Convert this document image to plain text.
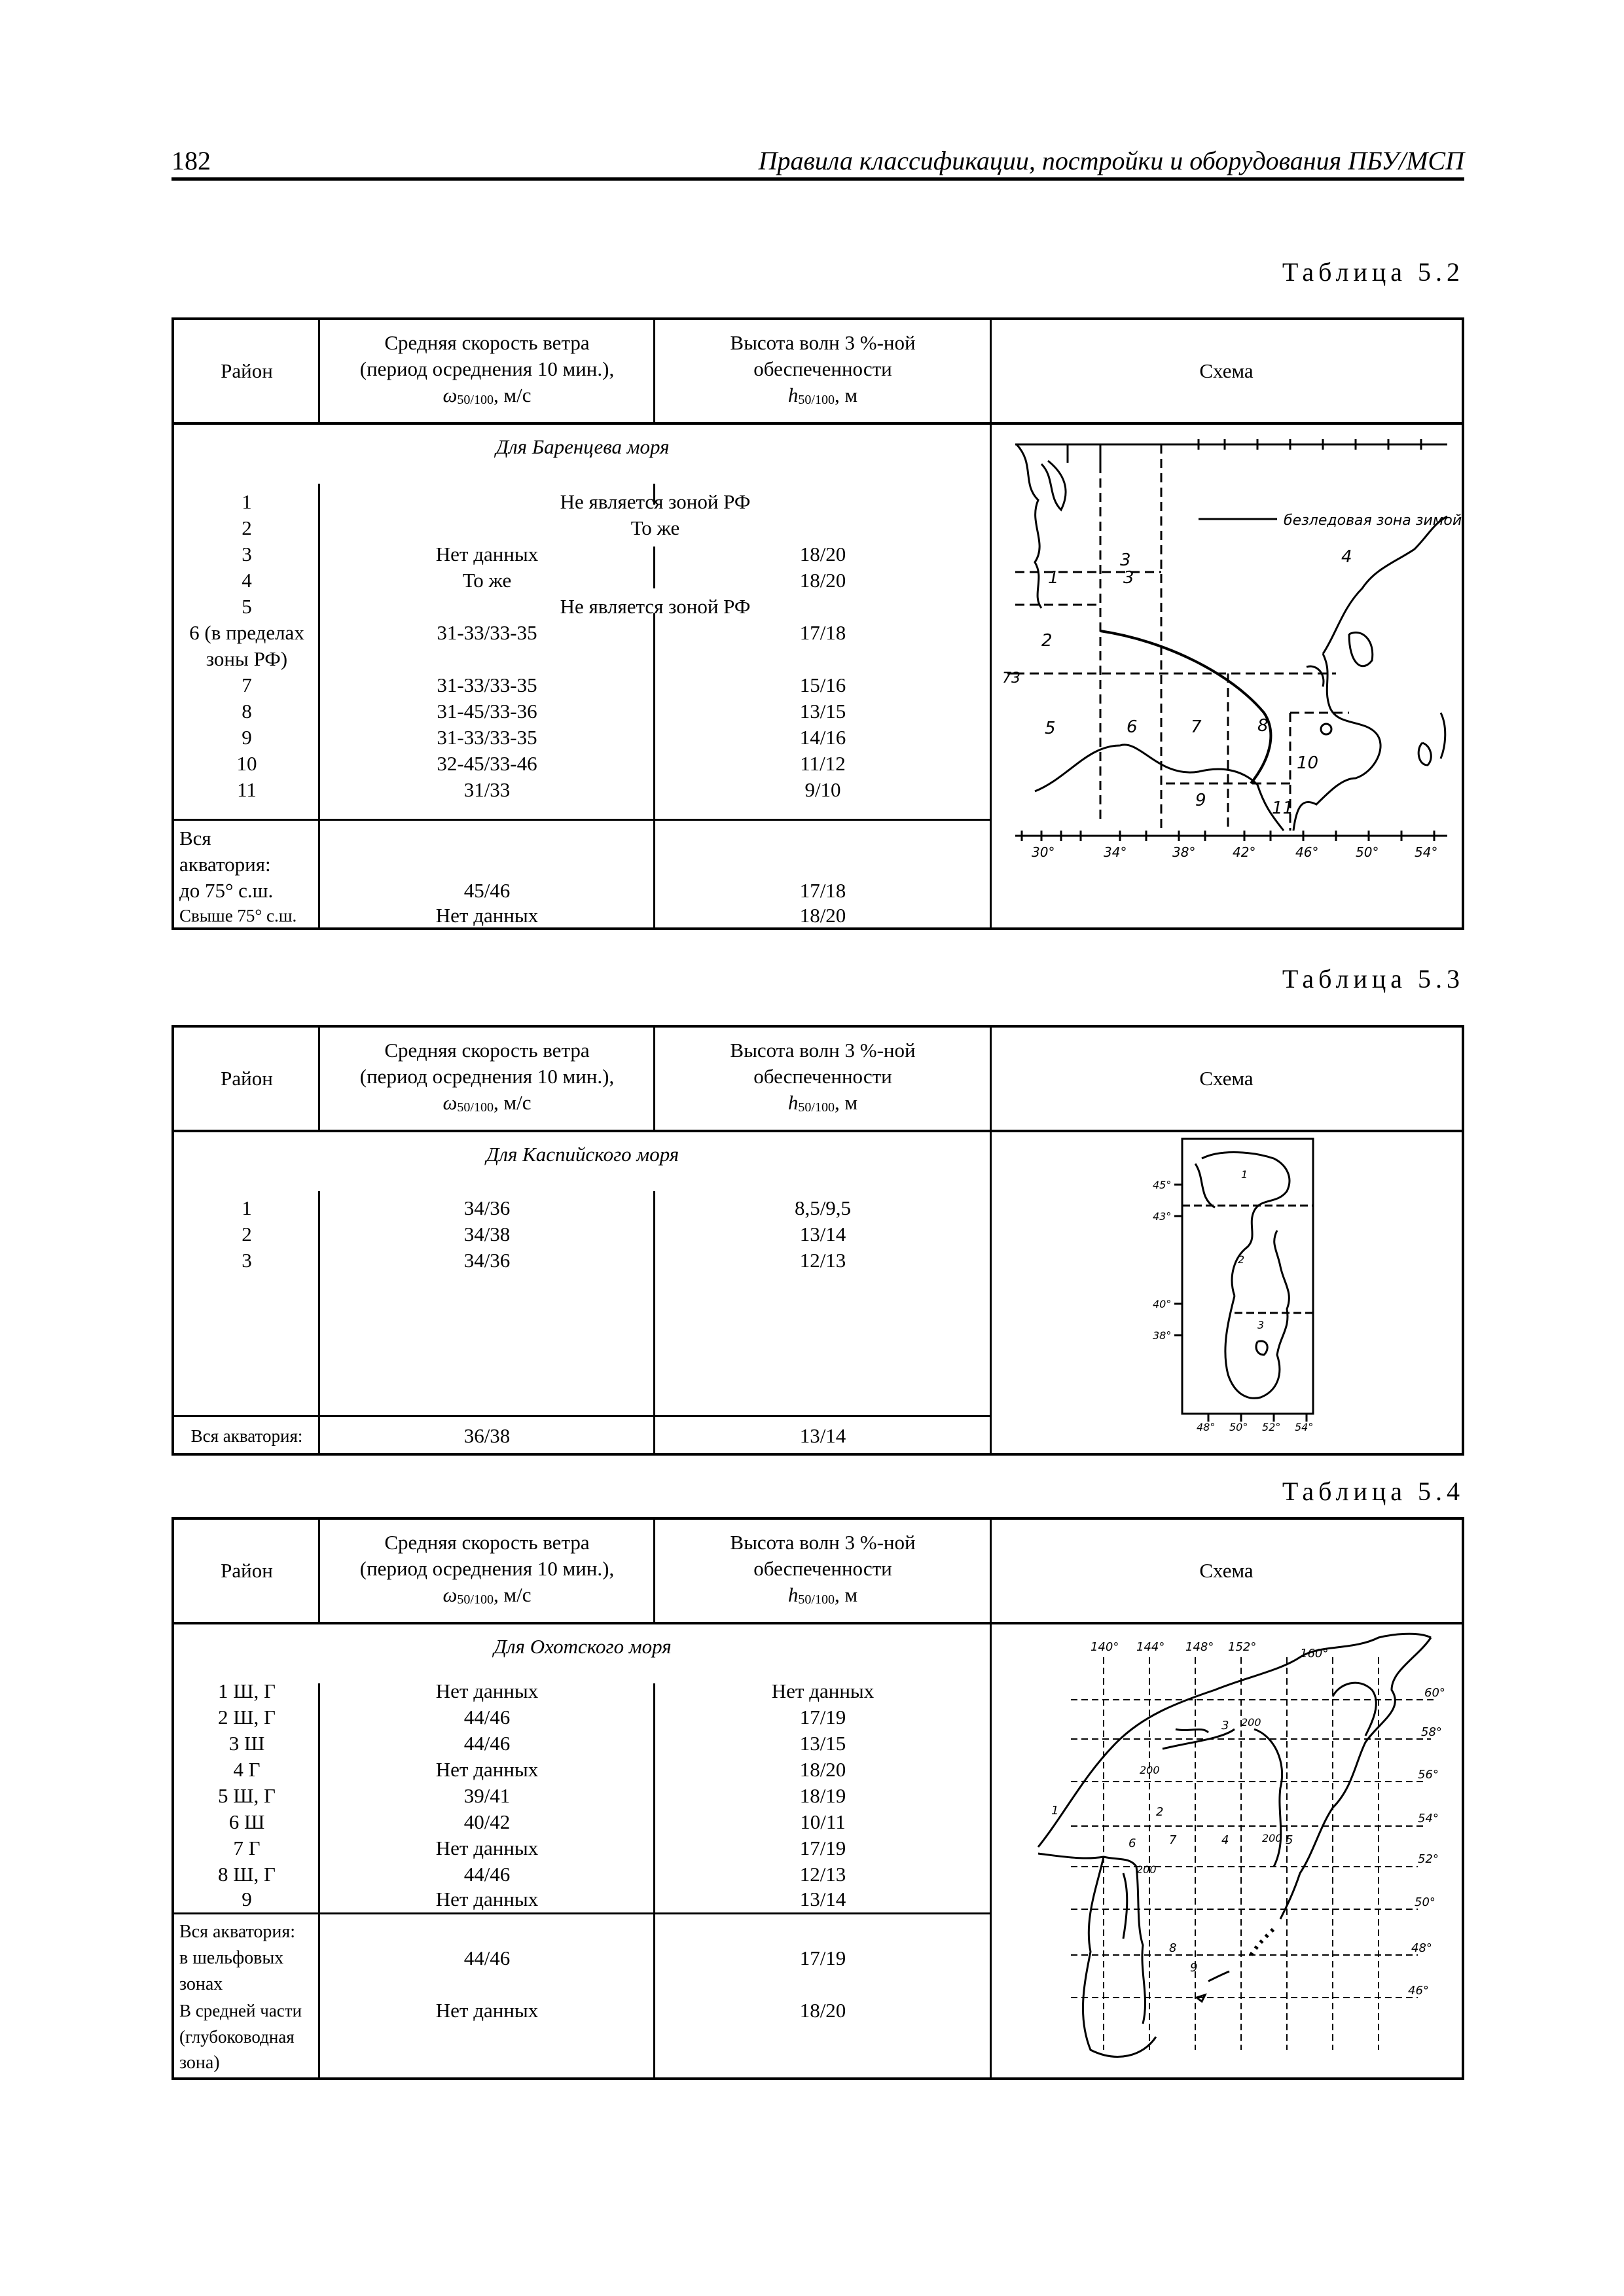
182	Правила классификации, постройки и оборудования ПБУ/МСП
Таблица 5.2
Район
Средняя скорость ветра
(период осреднения 10 мин.),
ω50/100, м/с
Высота волн 3 %-ной
обеспеченности
h50/100, м
Схема
Для Баренцева моря
1	Не является зоной РФ
2	То же
3	Нет данных	18/20
4	То же	18/20
5	Не является зоной РФ
6 (в пределах	31-33/33-35	17/18
зоны РФ)
7	31-33/33-35	15/16
8	31-45/33-36	13/15
9	31-33/33-35	14/16
10	32-45/33-46	11/12
11	31/33	9/10
Вся
акватория:
до 75° с.ш.	45/46	17/18
Свыше 75° с.ш.	Нет данных	18/20
безледовая зона зимой
1
2
3
3
4
5	6	7	8
9
10
11
73
30°	34°	38°	42°	46°	50°	54°
Таблица 5.3
Район
Средняя скорость ветра
(период осреднения 10 мин.),
ω50/100, м/с
Высота волн 3 %-ной
обеспеченности
h50/100, м
Схема
Для Каспийского моря
1	34/36	8,5/9,5
2	34/38	13/14
3	34/36	12/13
Вся акватория:	36/38	13/14
1
2
3
45°
43°
40°
38°
48° 50° 52° 54°
Таблица 5.4
Район
Средняя скорость ветра
(период осреднения 10 мин.),
ω50/100, м/с
Высота волн 3 %-ной
обеспеченности
h50/100, м
Схема
Для Охотского моря
1 Ш, Г	Нет данных	Нет данных
2 Ш, Г	44/46	17/19
3 Ш	44/46	13/15
4 Г	Нет данных	18/20
5 Ш, Г	39/41	18/19
6 Ш	40/42	10/11
7 Г	Нет данных	17/19
8 Ш, Г	44/46	12/13
9	Нет данных	13/14
Вся акватория:
в шельфовых	44/46	17/19
зонах
В средней части	Нет данных	18/20
(глубоководная
зона)
140° 144° 148° 152°	160°
60°
58°
56°
54°
52°
50°
48°
46°
1	2
3
4	5
6	7
8
9
200
200
200
200
